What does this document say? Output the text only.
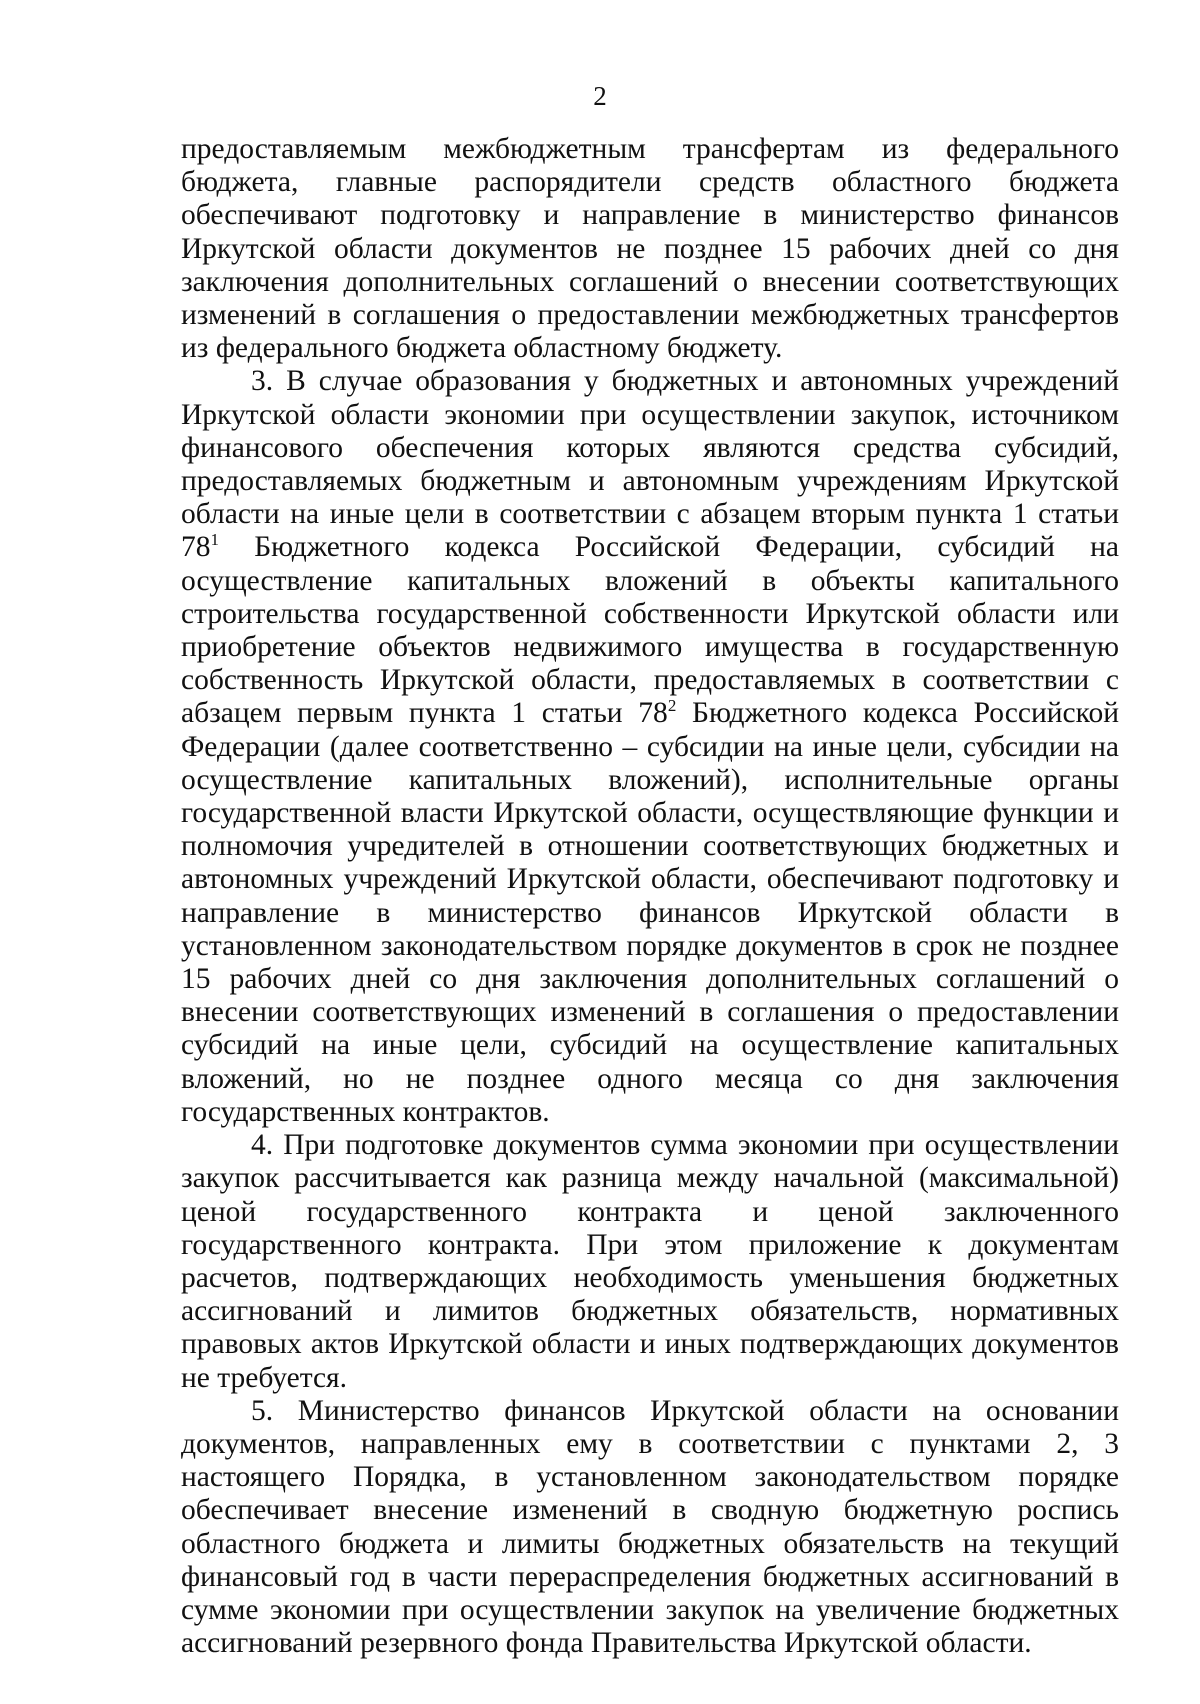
2

предоставляемым межбюджетным трансфертам из федерального бюджета, главные распорядители средств областного бюджета обеспечивают подготовку и направление в министерство финансов Иркутской области документов не позднее 15 рабочих дней со дня заключения дополнительных соглашений о внесении соответствующих изменений в соглашения о предоставлении межбюджетных трансфертов из федерального бюджета областному бюджету.

3. В случае образования у бюджетных и автономных учреждений Иркутской области экономии при осуществлении закупок, источником финансового обеспечения которых являются средства субсидий, предоставляемых бюджетным и автономным учреждениям Иркутской области на иные цели в соответствии с абзацем вторым пункта 1 статьи $78^1$ Бюджетного кодекса Российской Федерации, субсидий на осуществление капитальных вложений в объекты капитального строительства государственной собственности Иркутской области или приобретение объектов недвижимого имущества в государственную собственность Иркутской области, предоставляемых в соответствии с абзацем первым пункта 1 статьи $78^2$ Бюджетного кодекса Российской Федерации (далее соответственно – субсидии на иные цели, субсидии на осуществление капитальных вложений), исполнительные органы государственной власти Иркутской области, осуществляющие функции и полномочия учредителей в отношении соответствующих бюджетных и автономных учреждений Иркутской области, обеспечивают подготовку и направление в министерство финансов Иркутской области в установленном законодательством порядке документов в срок не позднее 15 рабочих дней со дня заключения дополнительных соглашений о внесении соответствующих изменений в соглашения о предоставлении субсидий на иные цели, субсидий на осуществление капитальных вложений, но не позднее одного месяца со дня заключения государственных контрактов.

4. При подготовке документов сумма экономии при осуществлении закупок рассчитывается как разница между начальной (максимальной) ценой государственного контракта и ценой заключенного государственного контракта. При этом приложение к документам расчетов, подтверждающих необходимость уменьшения бюджетных ассигнований и лимитов бюджетных обязательств, нормативных правовых актов Иркутской области и иных подтверждающих документов не требуется.

5. Министерство финансов Иркутской области на основании документов, направленных ему в соответствии с пунктами 2, 3 настоящего Порядка, в установленном законодательством порядке обеспечивает внесение изменений в сводную бюджетную роспись областного бюджета и лимиты бюджетных обязательств на текущий финансовый год в части перераспределения бюджетных ассигнований в сумме экономии при осуществлении закупок на увеличение бюджетных ассигнований резервного фонда Правительства Иркутской области.
